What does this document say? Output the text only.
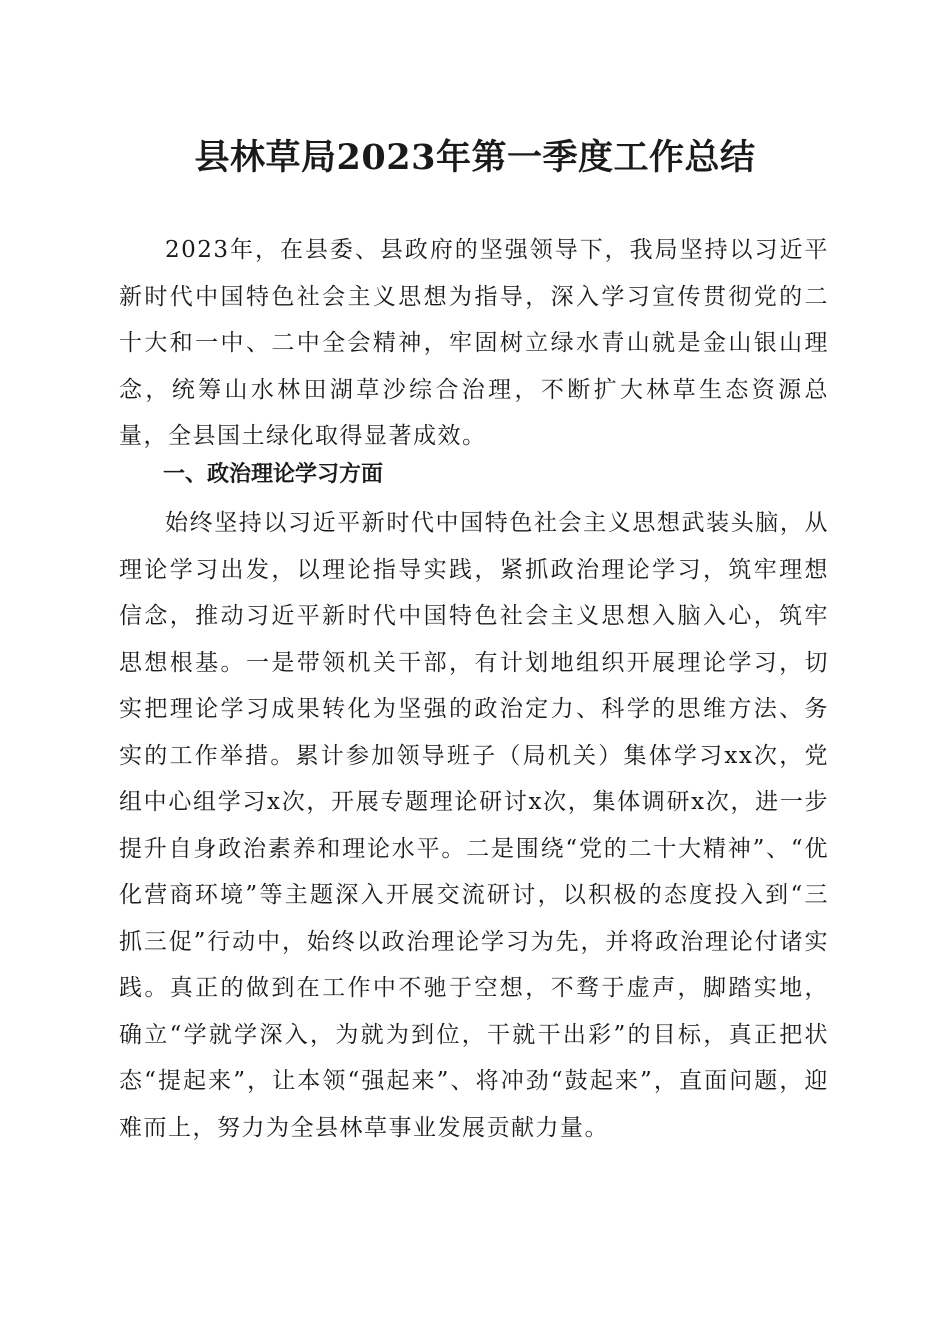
县林草局2023年第一季度工作总结

2023年，在县委、县政府的坚强领导下，我局坚持以习近平新时代中国特色社会主义思想为指导，深入学习宣传贯彻党的二十大和一中、二中全会精神，牢固树立绿水青山就是金山银山理念，统筹山水林田湖草沙综合治理，不断扩大林草生态资源总量，全县国土绿化取得显著成效。

一、政治理论学习方面

始终坚持以习近平新时代中国特色社会主义思想武装头脑，从理论学习出发，以理论指导实践，紧抓政治理论学习，筑牢理想信念，推动习近平新时代中国特色社会主义思想入脑入心，筑牢思想根基。一是带领机关干部，有计划地组织开展理论学习，切实把理论学习成果转化为坚强的政治定力、科学的思维方法、务实的工作举措。累计参加领导班子（局机关）集体学习xx次，党组中心组学习x次，开展专题理论研讨x次，集体调研x次，进一步提升自身政治素养和理论水平。二是围绕“党的二十大精神”、“优化营商环境”等主题深入开展交流研讨，以积极的态度投入到“三抓三促”行动中，始终以政治理论学习为先，并将政治理论付诸实践。真正的做到在工作中不驰于空想，不骛于虚声，脚踏实地，确立“学就学深入，为就为到位，干就干出彩”的目标，真正把状态“提起来”，让本领“强起来”、将冲劲“鼓起来”，直面问题，迎难而上，努力为全县林草事业发展贡献力量。
